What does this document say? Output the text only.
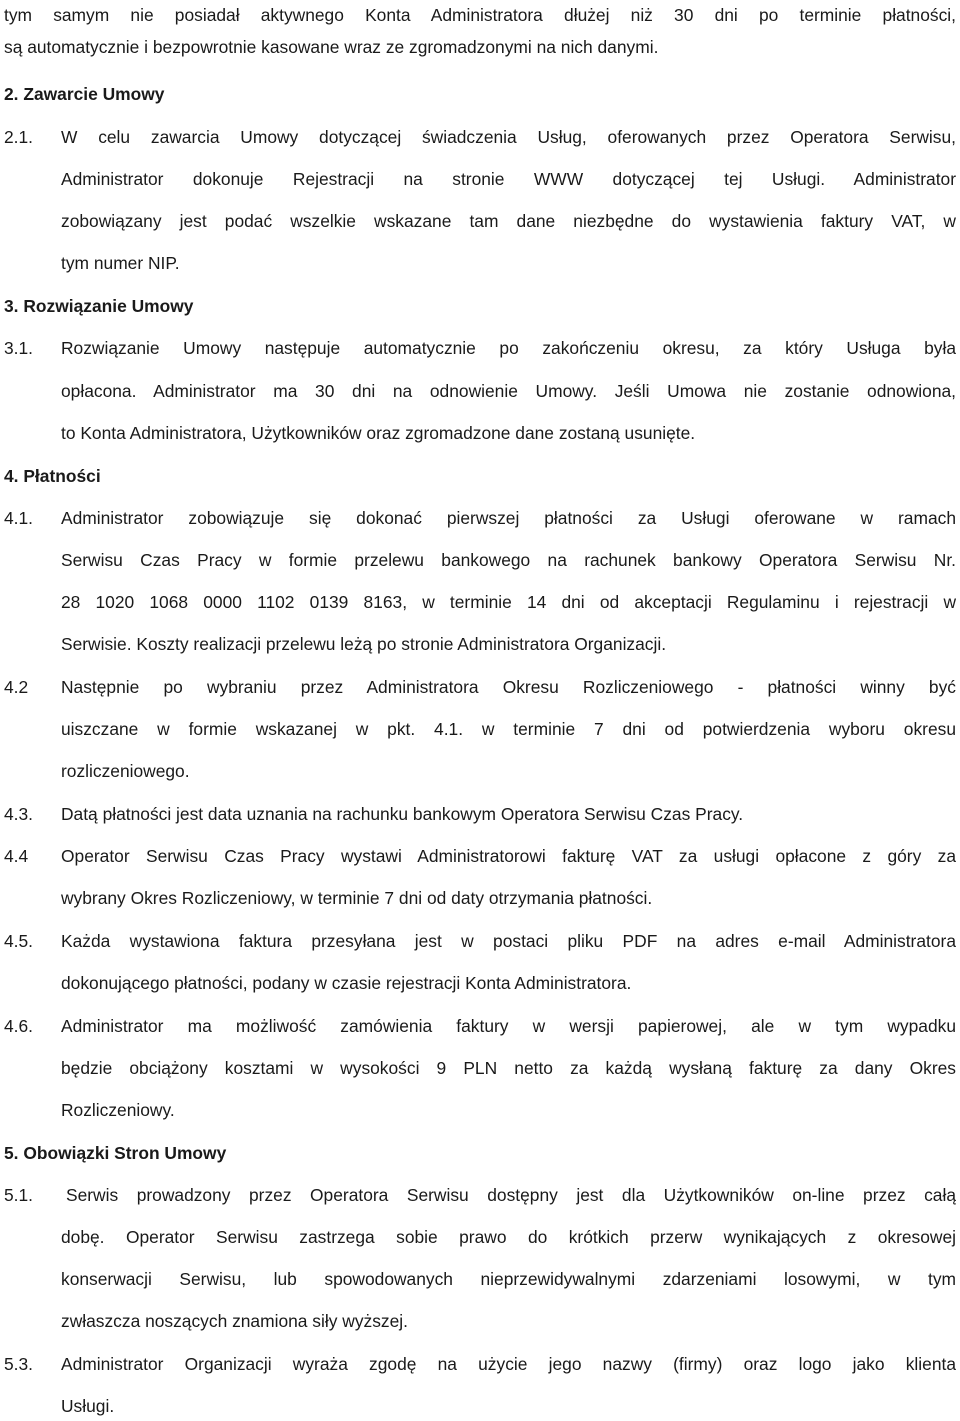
tym samym nie posiadał aktywnego Konta Administratora dłużej niż 30 dni po terminie płatności,
są automatycznie i bezpowrotnie kasowane wraz ze zgromadzonymi na nich danymi.
2. Zawarcie Umowy
2.1. W celu zawarcia Umowy dotyczącej świadczenia Usług, oferowanych przez Operatora Serwisu,
Administrator dokonuje Rejestracji na stronie WWW dotyczącej tej Usługi. Administrator
zobowiązany jest podać wszelkie wskazane tam dane niezbędne do wystawienia faktury VAT, w
tym numer NIP.
3. Rozwiązanie Umowy
3.1. Rozwiązanie Umowy następuje automatycznie po zakończeniu okresu, za który Usługa była
opłacona. Administrator ma 30 dni na odnowienie Umowy. Jeśli Umowa nie zostanie odnowiona,
to Konta Administratora, Użytkowników oraz zgromadzone dane zostaną usunięte.
4. Płatności
4.1. Administrator zobowiązuje się dokonać pierwszej płatności za Usługi oferowane w ramach
Serwisu Czas Pracy w formie przelewu bankowego na rachunek bankowy Operatora Serwisu Nr.
28 1020 1068 0000 1102 0139 8163, w terminie 14 dni od akceptacji Regulaminu i rejestracji w
Serwisie. Koszty realizacji przelewu leżą po stronie Administratora Organizacji.
4.2 Następnie po wybraniu przez Administratora Okresu Rozliczeniowego - płatności winny być
uiszczane w formie wskazanej w pkt. 4.1. w terminie 7 dni od potwierdzenia wyboru okresu
rozliczeniowego.
4.3. Datą płatności jest data uznania na rachunku bankowym Operatora Serwisu Czas Pracy.
4.4 Operator Serwisu Czas Pracy wystawi Administratorowi fakturę VAT za usługi opłacone z góry za
wybrany Okres Rozliczeniowy, w terminie 7 dni od daty otrzymania płatności.
4.5. Każda wystawiona faktura przesyłana jest w postaci pliku PDF na adres e-mail Administratora
dokonującego płatności, podany w czasie rejestracji Konta Administratora.
4.6. Administrator ma możliwość zamówienia faktury w wersji papierowej, ale w tym wypadku
będzie obciążony kosztami w wysokości 9 PLN netto za każdą wysłaną fakturę za dany Okres
Rozliczeniowy.
5. Obowiązki Stron Umowy
5.1. Serwis prowadzony przez Operatora Serwisu dostępny jest dla Użytkowników on-line przez całą
dobę. Operator Serwisu zastrzega sobie prawo do krótkich przerw wynikających z okresowej
konserwacji Serwisu, lub spowodowanych nieprzewidywalnymi zdarzeniami losowymi, w tym
zwłaszcza noszących znamiona siły wyższej.
5.3. Administrator Organizacji wyraża zgodę na użycie jego nazwy (firmy) oraz logo jako klienta
Usługi.
